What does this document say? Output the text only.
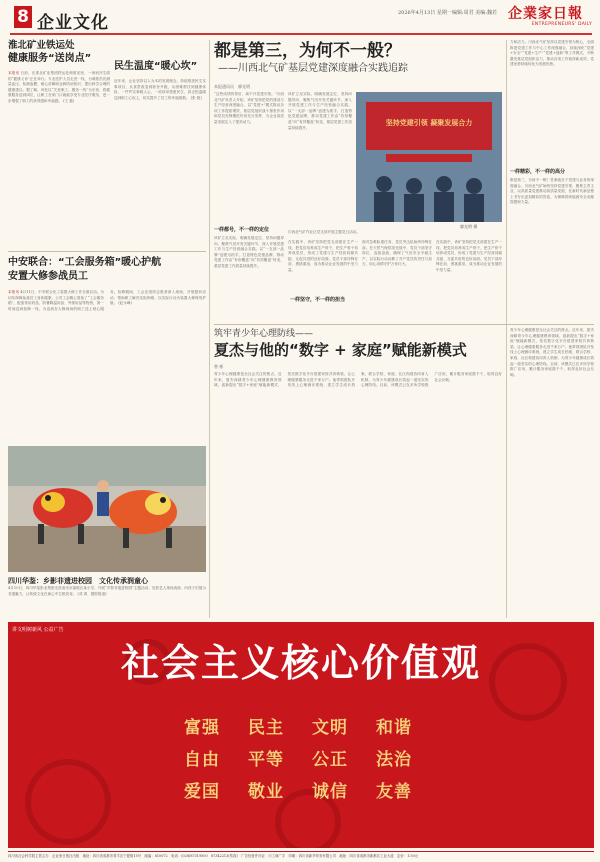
8 企业文化	2026年4月13日 星期一 编辑:周君 美编:魏若 企業家日報
ENTREPRENEURS' DAILY
淮北矿业铁运处
健康服务“送岗点”
本报讯 日前，在淮北矿业集团铁运处调度室里，一场别开生面的“健康义诊”正在举行。专业医护人员走进一线，为调度员们测量血压、检测血糖，耐心讲解职业病防治知识，提出科学合理的健康建议。据了解，该处以“关爱职工、服务一线”为宗旨，将健康服务送到岗位，让职工在家门口就能享受专业医疗服务，进一步增强了职工的获得感和幸福感。 (王 磊)
民生温度“暖心坎”
近年来，企业坚持以人为本的发展理念，持续推进民生实事项目，从食堂改造到宿舍升级，从困难帮扶到健康体检，一件件实事暖人心、一项项举措惠民生，真正把温暖送到职工心坎上，切实提升了员工的幸福指数。 (张 艳)
中安联合：“工会服务箱”暖心护航
安置大修参战员工
本报讯 4月11日，中安联合化工装置大修工作全面启动。为切实保障参战员工身体健康，公司工会精心准备了“工会服务箱”，配备常用药品、防暑降温用品、劳保用品等物资，第一时间送到检修一线，为奋战在大修现场的职工送上贴心服务。检修期间，工会还组织志愿者深入现场，开展慰问活动，帮助职工解决实际困难，以实际行动为装置大修保驾护航。 (赵永峰)
四川华鉴：乡影非遗进校园　文化传承润童心
4月10日，四川华鉴影业集团走进南充市嘉陵区某小学，开展“乡影非遗进校园”主题活动，皮影艺人现场表演，向孩子们展示非遗魅力，让传统文化在童心中生根发芽。 (邓 鸿　摄影报道)
都是第三，为何不一般？
——川西北气矿基层党建深度融合实践追踪
本报通讯员　廖光明
“这些成绩的背后，离不开党建引领。”川西北气矿负责人介绍，该矿坚持把党的建设与生产经营深度融合，以“党建+”模式推动各项工作提质增效，基层党组织战斗堡垒作用和党员先锋模范作用充分发挥，为企业高质量发展注入了强劲动力。
一样都号，不一样的定位
该矿立足实际，明确发展定位，坚持问题导向，聚焦气田开发关键环节，深入开展党建工作与生产经营融合实践。以“一支部一品牌”创建为抓手，打造特色党建品牌，推动党建工作由“有形覆盖”向“有效覆盖”转变，基层党建工作质量持续提升。
该矿立足实际，明确发展定位，坚持问题导向，聚焦气田开发关键环节，深入开展党建工作与生产经营融合实践。以“一支部一品牌”创建为抓手，打造特色党建品牌，推动党建工作由“有形覆盖”向“有效覆盖”转变，基层党建工作质量持续提升。
坚持党建引领 凝聚发展合力
廖光明 摄
川西北气矿作业区党支部开展主题党日活动。
在实践中，该矿坚持把党支部建在生产一线，把党员培养成生产骨干，把生产骨干培养成党员，形成了党建与生产经营同频共振、互促共进的良好局面。党员干部冲锋在前、勇挑重担，成为推动企业发展的中坚力量。
一样坚守，不一样的担当
面对急难险重任务，党员突击队始终冲锋在前。在天然气保供攻坚战中，党员干部坚守岗位、连续奋战，确保了气田安全平稳生产，以实际行动诠释了共产党员的责任与担当，用心用情守护万家灯火。
在实践中，该矿坚持把党支部建在生产一线，把党员培养成生产骨干，把生产骨干培养成党员，形成了党建与生产经营同频共振、互促共进的良好局面。党员干部冲锋在前、勇挑重担，成为推动企业发展的中坚力量。
力和活力。川西北气矿坚持以党建引领为核心，全面推进党建工作与中心工作深度融合，持续深化“党建+安全”“党建+生产”“党建+创新”等工作模式，不断激发基层党组织活力，推动各项工作取得新成效，党建优势持续转化为发展优势。
一样精彩，不一样的高分
都是第三，为何不一般？答案就在于党建与业务的深度融合。川西北气矿始终坚持党建引领，聚焦主责主业，以高质量党建推动高质量发展，在新时代新征程上书写出更加精彩的答卷，为保障国家能源安全贡献智慧和力量。
筑牢青少年心理防线——
夏杰与他的“数字 + 家庭”赋能新模式
曾 彬
青少年心理健康是全社会关注的焦点。近年来，夏杰深耕青少年心理健康教育领域，创新提出“数字+家庭”赋能新模式，依托数字化平台搭建家校共育桥梁，让心理健康服务走进千家万户。他带领团队开发线上心理测评系统，建立学生成长档案，联合学校、家庭、社区构建协同育人机制，为青少年健康成长筑起一道坚实的心理防线。目前，该模式已在多所学校推广应用，累计服务家庭数千个，取得良好社会反响。
青少年心理健康是全社会关注的焦点。近年来，夏杰深耕青少年心理健康教育领域，创新提出“数字+家庭”赋能新模式，依托数字化平台搭建家校共育桥梁，让心理健康服务走进千家万户。他带领团队开发线上心理测评系统，建立学生成长档案，联合学校、家庭、社区构建协同育人机制，为青少年健康成长筑起一道坚实的心理防线。目前，该模式已在多所学校推广应用，累计服务家庭数千个，取得良好社会反响。
讲文明树新风 公益广告
社会主义核心价值观
富强	民主	文明	和谐
自由	平等	公正	法治
爱国	敬业	诚信	友善
四川省社会科学院主管主办　企业家日报社出版　地址：四川省成都市青羊区宁夏街15号　邮编：610072　电话：(028)87319500　87342213(传真)　广告经营许可证：川工商广字　印刷：四川省新华印务有限公司　地址：四川省成都市新都区工业大道　定价：1.50元
